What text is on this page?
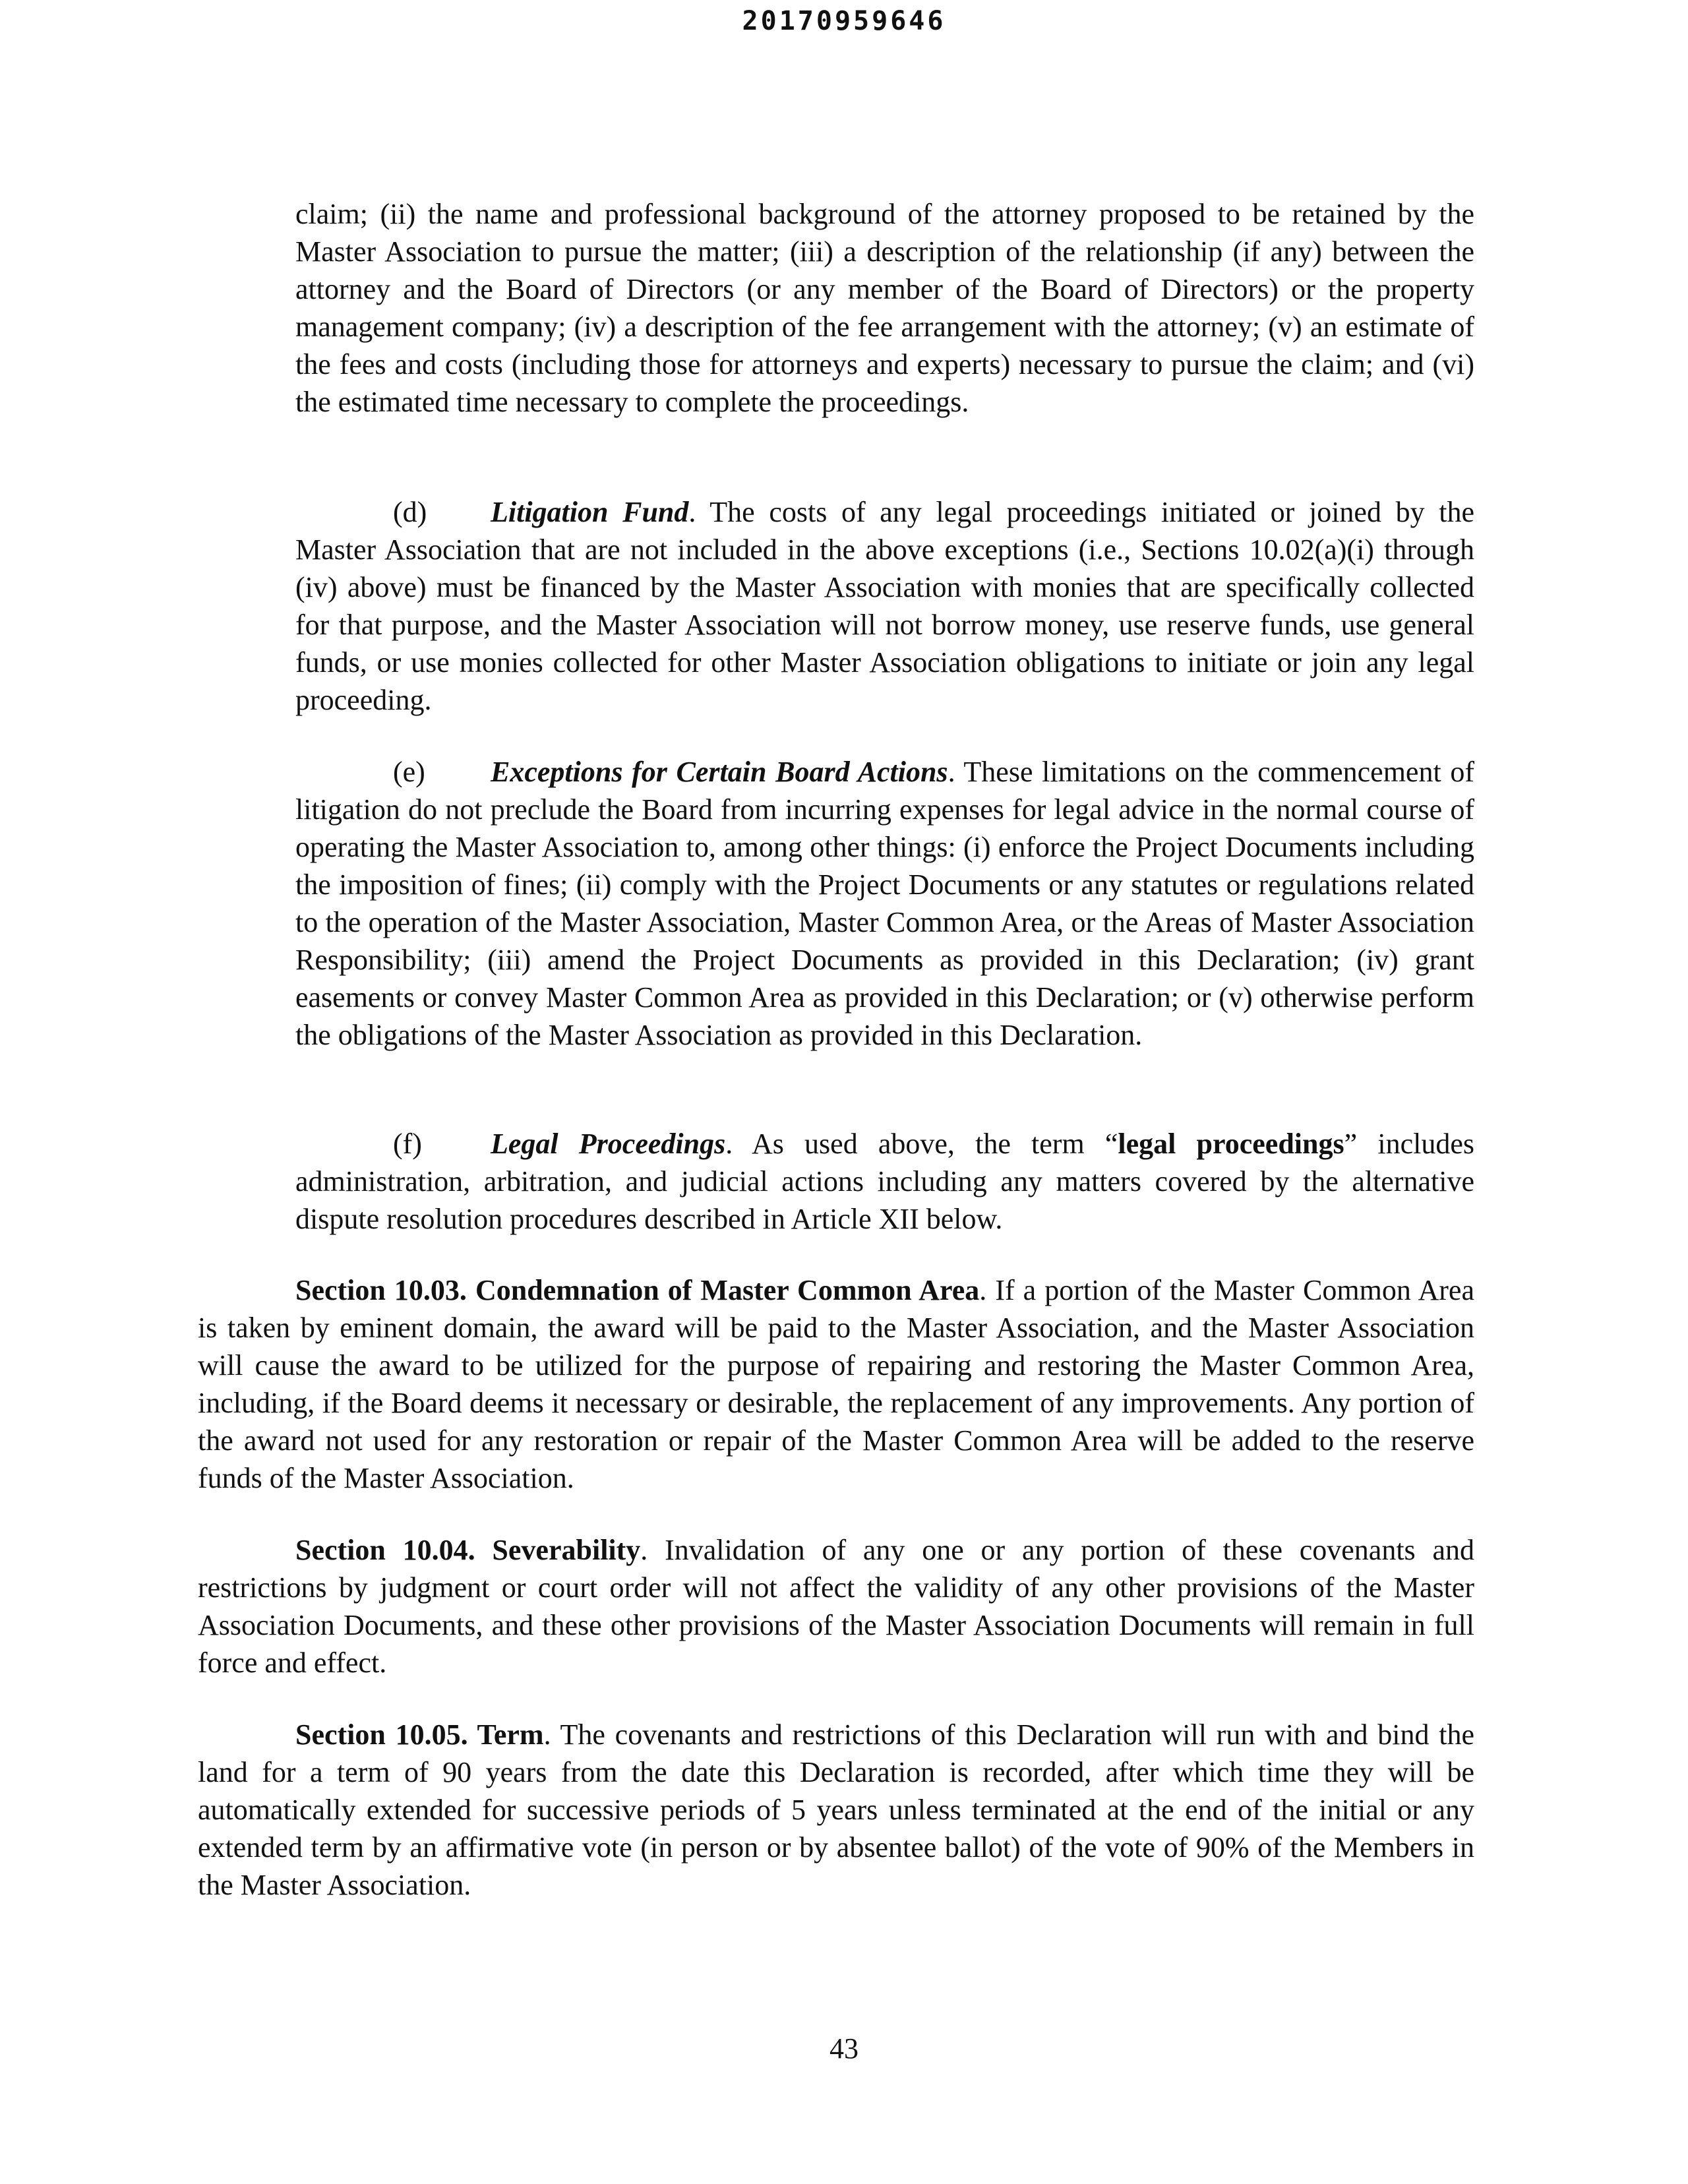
20170959646

claim; (ii) the name and professional background of the attorney proposed to be retained by the Master Association to pursue the matter; (iii) a description of the relationship (if any) between the attorney and the Board of Directors (or any member of the Board of Directors) or the property management company; (iv) a description of the fee arrangement with the attorney; (v) an estimate of the fees and costs (including those for attorneys and experts) necessary to pursue the claim; and (vi) the estimated time necessary to complete the proceedings.

(d) Litigation Fund. The costs of any legal proceedings initiated or joined by the Master Association that are not included in the above exceptions (i.e., Sections 10.02(a)(i) through (iv) above) must be financed by the Master Association with monies that are specifically collected for that purpose, and the Master Association will not borrow money, use reserve funds, use general funds, or use monies collected for other Master Association obligations to initiate or join any legal proceeding.

(e) Exceptions for Certain Board Actions. These limitations on the commencement of litigation do not preclude the Board from incurring expenses for legal advice in the normal course of operating the Master Association to, among other things: (i) enforce the Project Documents including the imposition of fines; (ii) comply with the Project Documents or any statutes or regulations related to the operation of the Master Association, Master Common Area, or the Areas of Master Association Responsibility; (iii) amend the Project Documents as provided in this Declaration; (iv) grant easements or convey Master Common Area as provided in this Declaration; or (v) otherwise perform the obligations of the Master Association as provided in this Declaration.

(f) Legal Proceedings. As used above, the term “legal proceedings” includes administration, arbitration, and judicial actions including any matters covered by the alternative dispute resolution procedures described in Article XII below.

Section 10.03. Condemnation of Master Common Area. If a portion of the Master Common Area is taken by eminent domain, the award will be paid to the Master Association, and the Master Association will cause the award to be utilized for the purpose of repairing and restoring the Master Common Area, including, if the Board deems it necessary or desirable, the replacement of any improvements. Any portion of the award not used for any restoration or repair of the Master Common Area will be added to the reserve funds of the Master Association.

Section 10.04. Severability. Invalidation of any one or any portion of these covenants and restrictions by judgment or court order will not affect the validity of any other provisions of the Master Association Documents, and these other provisions of the Master Association Documents will remain in full force and effect.

Section 10.05. Term. The covenants and restrictions of this Declaration will run with and bind the land for a term of 90 years from the date this Declaration is recorded, after which time they will be automatically extended for successive periods of 5 years unless terminated at the end of the initial or any extended term by an affirmative vote (in person or by absentee ballot) of the vote of 90% of the Members in the Master Association.

43
